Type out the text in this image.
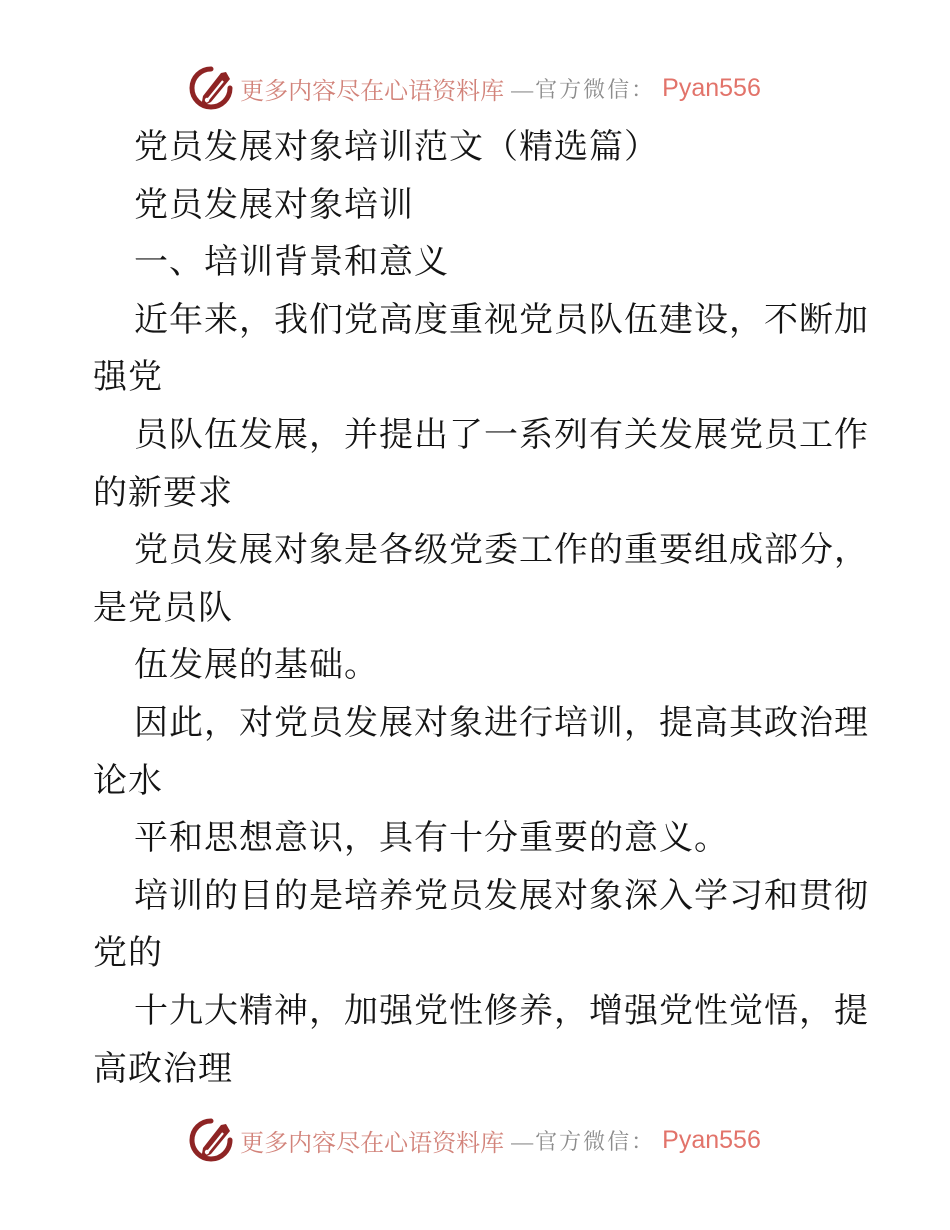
更多内容尽在心语资料库 —官方微信： Pyan556
党员发展对象培训范文（精选篇）
党员发展对象培训
一、培训背景和意义
近年来，我们党高度重视党员队伍建设，不断加
强党
员队伍发展，并提出了一系列有关发展党员工作
的新要求
党员发展对象是各级党委工作的重要组成部分，
是党员队
伍发展的基础。
因此，对党员发展对象进行培训，提高其政治理
论水
平和思想意识，具有十分重要的意义。
培训的目的是培养党员发展对象深入学习和贯彻
党的
十九大精神，加强党性修养，增强党性觉悟，提
高政治理
更多内容尽在心语资料库 —官方微信： Pyan556
